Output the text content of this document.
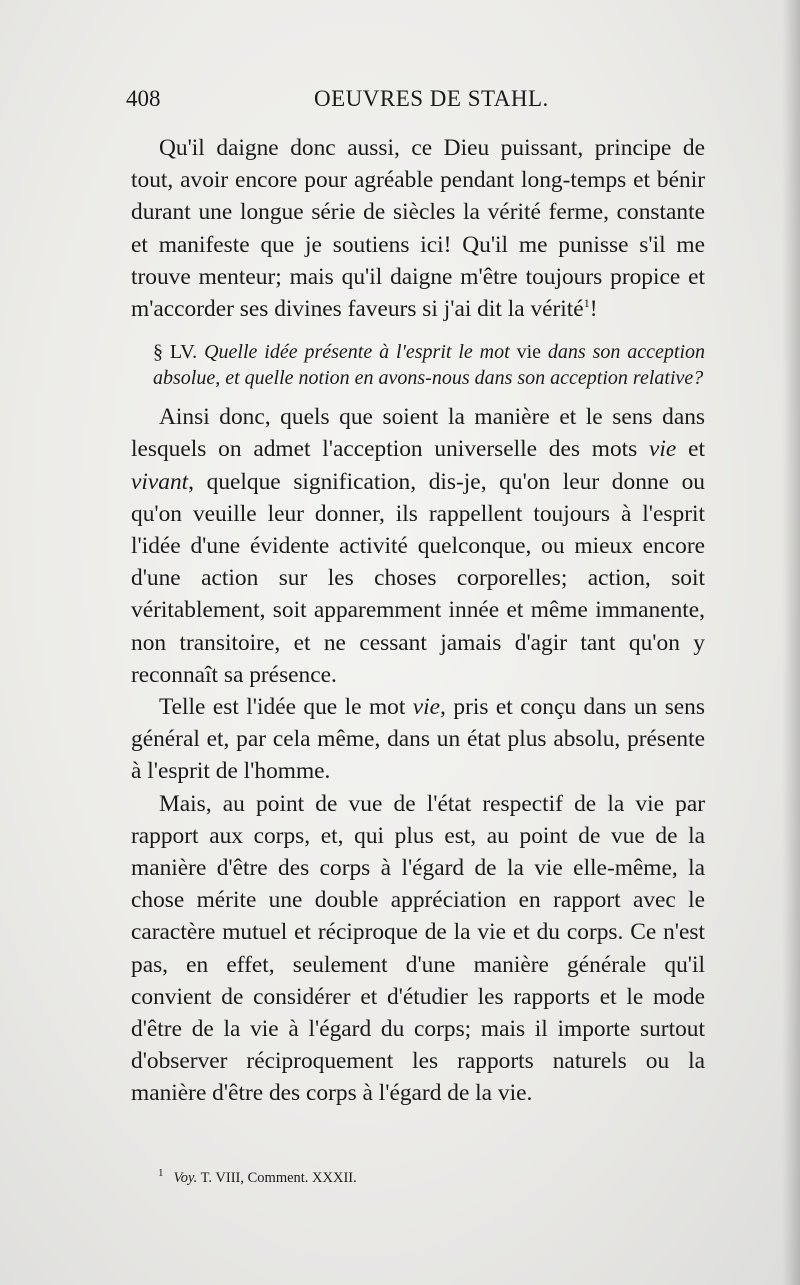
408	OEUVRES DE STAHL.

Qu'il daigne donc aussi, ce Dieu puissant, principe de tout, avoir encore pour agréable pendant long-temps et bénir durant une longue série de siècles la vérité ferme, constante et manifeste que je soutiens ici! Qu'il me punisse s'il me trouve menteur; mais qu'il daigne m'être toujours propice et m'accorder ses divines faveurs si j'ai dit la vérité$^1$!

§ LV. Quelle idée présente à l'esprit le mot vie dans son acception absolue, et quelle notion en avons-nous dans son acception relative?

Ainsi donc, quels que soient la manière et le sens dans lesquels on admet l'acception universelle des mots vie et vivant, quelque signification, dis-je, qu'on leur donne ou qu'on veuille leur donner, ils rappellent toujours à l'esprit l'idée d'une évidente activité quelconque, ou mieux encore d'une action sur les choses corporelles; action, soit véritablement, soit apparemment innée et même immanente, non transitoire, et ne cessant jamais d'agir tant qu'on y reconnaît sa présence.

Telle est l'idée que le mot vie, pris et conçu dans un sens général et, par cela même, dans un état plus absolu, présente à l'esprit de l'homme.

Mais, au point de vue de l'état respectif de la vie par rapport aux corps, et, qui plus est, au point de vue de la manière d'être des corps à l'égard de la vie elle-même, la chose mérite une double appréciation en rapport avec le caractère mutuel et réciproque de la vie et du corps. Ce n'est pas, en effet, seulement d'une manière générale qu'il convient de considérer et d'étudier les rapports et le mode d'être de la vie à l'égard du corps; mais il importe surtout d'observer réciproquement les rapports naturels ou la manière d'être des corps à l'égard de la vie.

$^1$ Voy. T. VIII, Comment. XXXII.
